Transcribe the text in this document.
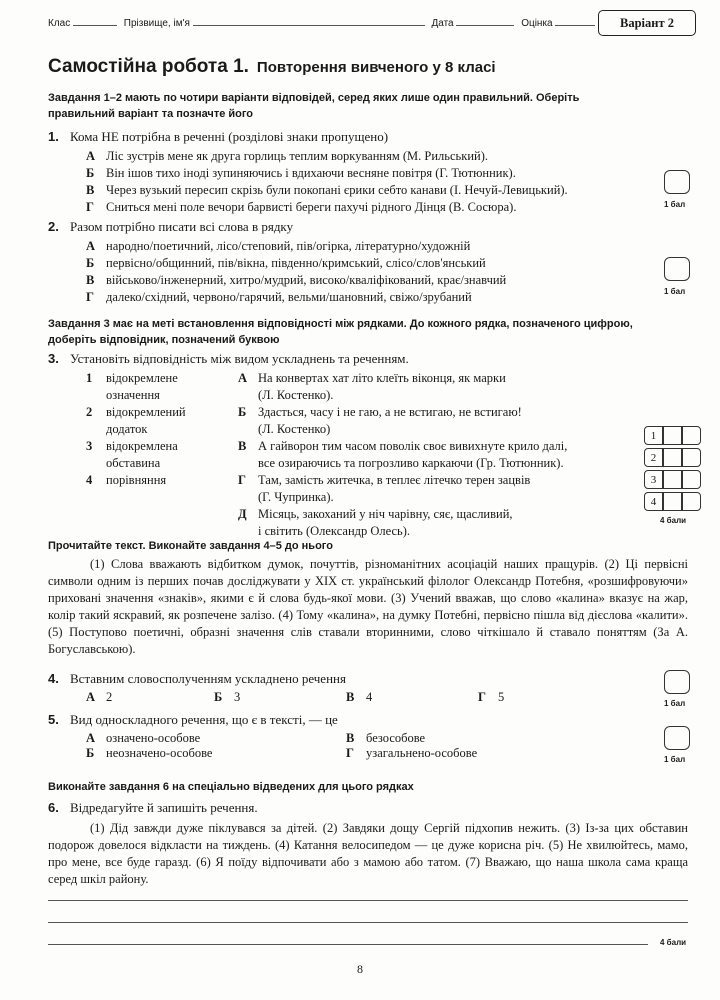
Клас	Прізвище, ім'я	Дата	Оцінка	Варіант 2
Самостійна робота 1. Повторення вивченого у 8 класі
Завдання 1–2 мають по чотири варіанти відповідей, серед яких лише один правильний. Оберіть правильний варіант та позначте його
1. Кома НЕ потрібна в реченні (розділові знаки пропущено)
А Ліс зустрів мене як друга горлиць теплим воркуванням (М. Рильський).
Б Він ішов тихо іноді зупиняючись і вдихаючи весняне повітря (Г. Тютюнник).
В Через вузький пересип скрізь були покопані єрики себто канави (І. Нечуй-Левицький).
Г Сниться мені поле вечори барвисті береги пахучі рідного Дінця (В. Сосюра).	1 бал
2. Разом потрібно писати всі слова в рядку
А народно/поетичний, лісо/степовий, пів/огірка, літературно/художній
Б первісно/общинний, пів/вікна, південно/кримський, слісо/слов'янський
В військово/інженерний, хитро/мудрий, високо/кваліфікований, крає/знавчий
Г далеко/східний, червоно/гарячий, вельми/шановний, свіжо/зрубаний	1 бал
Завдання 3 має на меті встановлення відповідності між рядками. До кожного рядка, позначеного цифрою, доберіть відповідник, позначений буквою
3. Установіть відповідність між видом ускладнень та реченням.
1 відокремлене
означення
2 відокремлений
додаток
3 відокремлена
обставина
4 порівняння
А На конвертах хат літо клеїть віконця, як марки
(Л. Костенко).
Б Здасться, часу і не гаю, а не встигаю, не встигаю!
(Л. Костенко)
В А гайворон тим часом поволік своє вивихнуте крило далі,
все озираючись та погрозливо каркаючи (Гр. Тютюнник).
Г Там, замість житечка, в теплеє літечко терен зацвів
(Г. Чупринка).
Д Місяць, закоханий у ніч чарівну, сяє, щасливий,
і світить (Олександр Олесь).
1
2
3
4
4 бали
Прочитайте текст. Виконайте завдання 4–5 до нього
(1) Слова вважають відбитком думок, почуттів, різноманітних асоціацій наших пращурів. (2) Ці первісні символи одним із перших почав досліджувати у XIX ст. український філолог Олександр Потебня, «розшифровуючи» приховані значення «знаків», якими є й слова будь-якої мови. (3) Учений вважав, що слово «калина» вказує на жар, колір такий яскравий, як розпечене залізо. (4) Тому «калина», на думку Потебні, первісно пішла від дієслова «калити». (5) Поступово поетичні, образні значення слів ставали вторинними, слово чіткішало й ставало поняттям (За А. Богуславською).
4. Вставним словосполученням ускладнено речення
А 2	Б 3	В 4	Г 5	1 бал
5. Вид односкладного речення, що є в тексті, — це
А означено-особове
Б неозначено-особове
В безособове
Г узагальнено-особове	1 бал
Виконайте завдання 6 на спеціально відведених для цього рядках
6. Відредагуйте й запишіть речення.
(1) Дід завжди дуже піклувався за дітей. (2) Завдяки дощу Сергій підхопив нежить. (3) Із-за цих обставин подорож довелося відкласти на тиждень. (4) Катання велосипедом — це дуже корисна річ. (5) Не хвилюйтесь, мамо, про мене, все буде гаразд. (6) Я поїду відпочивати або з мамою або татом. (7) Вважаю, що наша школа сама краща серед шкіл району.
4 бали
8
